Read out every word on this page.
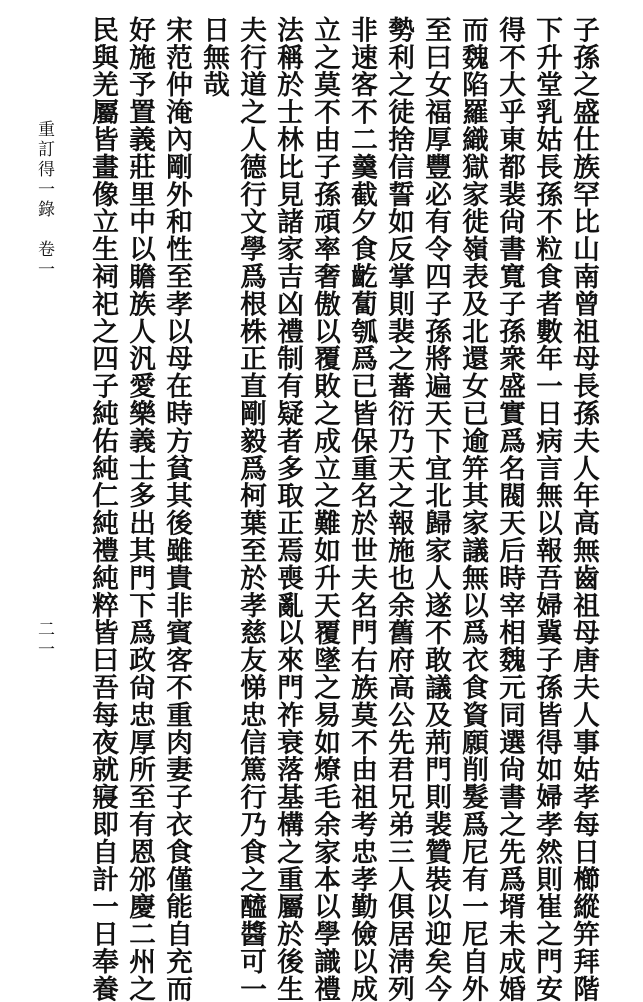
子孫之盛仕族罕比山南曾祖母長孫夫人年高無齒祖母唐夫人事姑孝每日櫛縱笄拜階
下升堂乳姑長孫不粒食者數年一日病言無以報吾婦冀子孫皆得如婦孝然則崔之門安
得不大乎東都裴尙書寬子孫衆盛實爲名閥天后時宰相魏元同選尙書之先爲壻未成婚
而魏陷羅織獄家徙嶺表及北還女已逾笄其家議無以爲衣食資願削髮爲尼有一尼自外
至曰女福厚豐必有令四子孫將遍天下宜北歸家人遂不敢議及荊門則裴贊裝以迎矣今
勢利之徒捨信誓如反掌則裴之蕃衍乃天之報施也余舊府高公先君兄弟三人俱居淸列
非速客不二羹截夕食齕蔔瓠爲已皆保重名於世夫名門右族莫不由祖考忠孝勤儉以成
立之莫不由子孫頑率奢傲以覆敗之成立之難如升天覆墜之易如燎毛余家本以學識禮
法稱於士林比見諸家吉凶禮制有疑者多取正焉喪亂以來門祚衰落基構之重屬於後生
夫行道之人德行文學爲根株正直剛毅爲柯葉至於孝慈友悌忠信篤行乃食之醯醬可一
日無哉
宋范仲淹內剛外和性至孝以母在時方貧其後雖貴非賓客不重肉妻子衣食僅能自充而
好施予置義莊里中以贍族人汎愛樂義士多出其門下爲政尙忠厚所至有恩邠慶二州之
民與羌屬皆畫像立生祠祀之四子純佑純仁純禮純粹皆曰吾每夜就寢即自計一日奉養
重訂得一錄　卷一
二一
